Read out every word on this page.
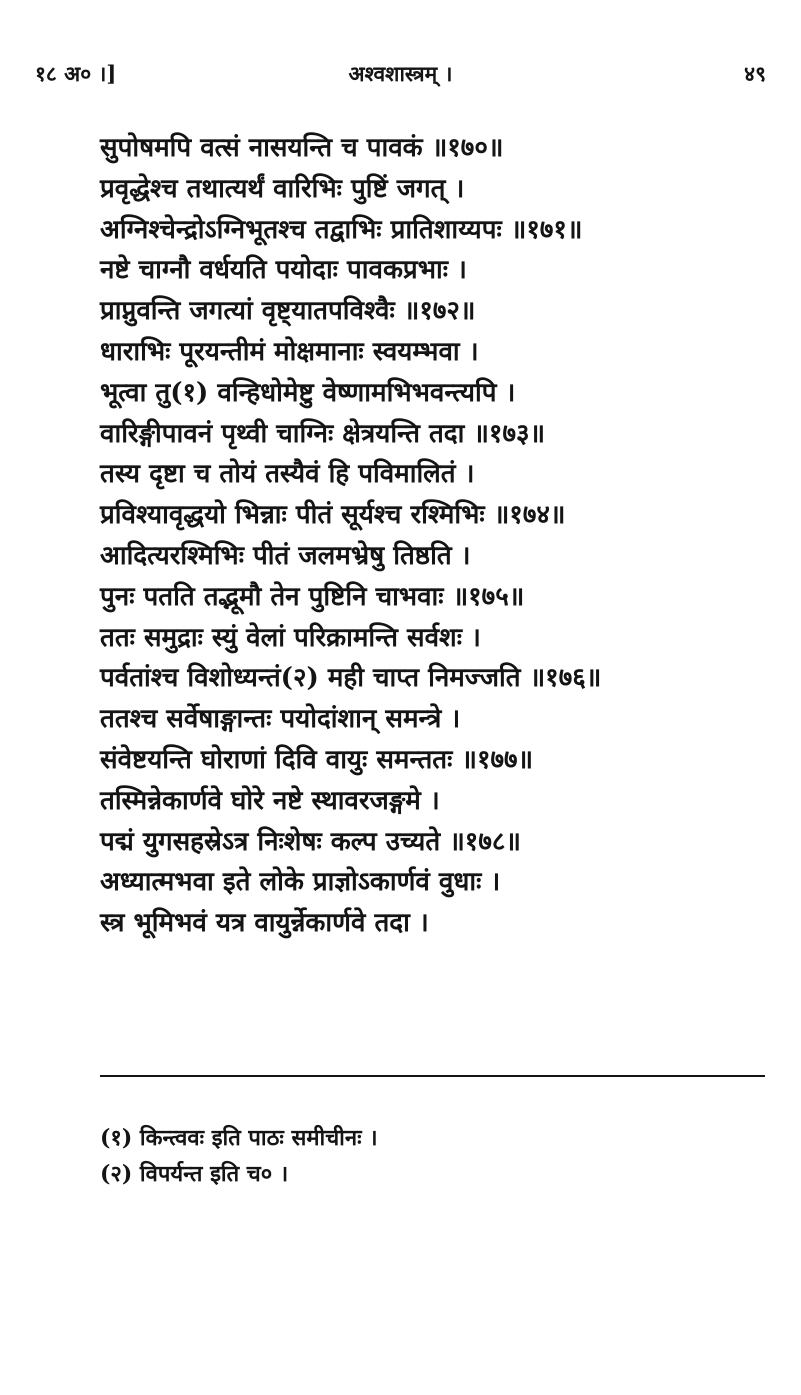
१८ अ० ।]	अश्वशास्त्रम् ।	४९
सुपोषमपि वत्सं नासयन्ति च पावकं ॥१७०॥
प्रवृद्धेश्च तथात्यर्थं वारिभिः पुष्टिं जगत् ।
अग्निश्चेन्द्रोऽग्निभूतश्च तद्वाभिः प्रातिशाय्यपः ॥१७१॥
नष्टे चाग्नौ वर्धयति पयोदाः पावकप्रभाः ।
प्राप्नुवन्ति जगत्यां वृष्ट्यातपविश्वैः ॥१७२॥
धाराभिः पूरयन्तीमं मोक्षमानाः स्वयम्भवा ।
भूत्वा तु(१) वन्हिधोमेष्टु वेष्णामभिभवन्त्यपि ।
वारिङ्गीपावनं पृथ्वी चाग्निः क्षेत्रयन्ति तदा ॥१७३॥
तस्य दृष्टा च तोयं तस्यैवं हि पविमालितं ।
प्रविश्यावृद्धयो भिन्नाः पीतं सूर्यश्च रश्मिभिः ॥१७४॥
आदित्यरश्मिभिः पीतं जलमभ्रेषु तिष्ठति ।
पुनः पतति तद्भूमौ तेन पुष्टिनि चाभवाः ॥१७५॥
ततः समुद्राः स्युं वेलां परिक्रामन्ति सर्वशः ।
पर्वतांश्च विशोध्यन्तं(२) मही चाप्त निमज्जति ॥१७६॥
ततश्च सर्वेषाङ्गान्तः पयोदांशान् समन्त्रे ।
संवेष्टयन्ति घोराणां दिवि वायुः समन्ततः ॥१७७॥
तस्मिन्नेकार्णवे घोरे नष्टे स्थावरजङ्गमे ।
पद्मं युगसहस्रेऽत्र निःशेषः कल्प उच्यते ॥१७८॥
अध्यात्मभवा इते लोके प्राज्ञोऽकार्णवं वुधाः ।
स्त्र भूमिभवं यत्र वायुर्न्नेकार्णवे तदा ।
(१) किन्त्ववः इति पाठः समीचीनः ।
(२) विपर्यन्त इति च० ।
